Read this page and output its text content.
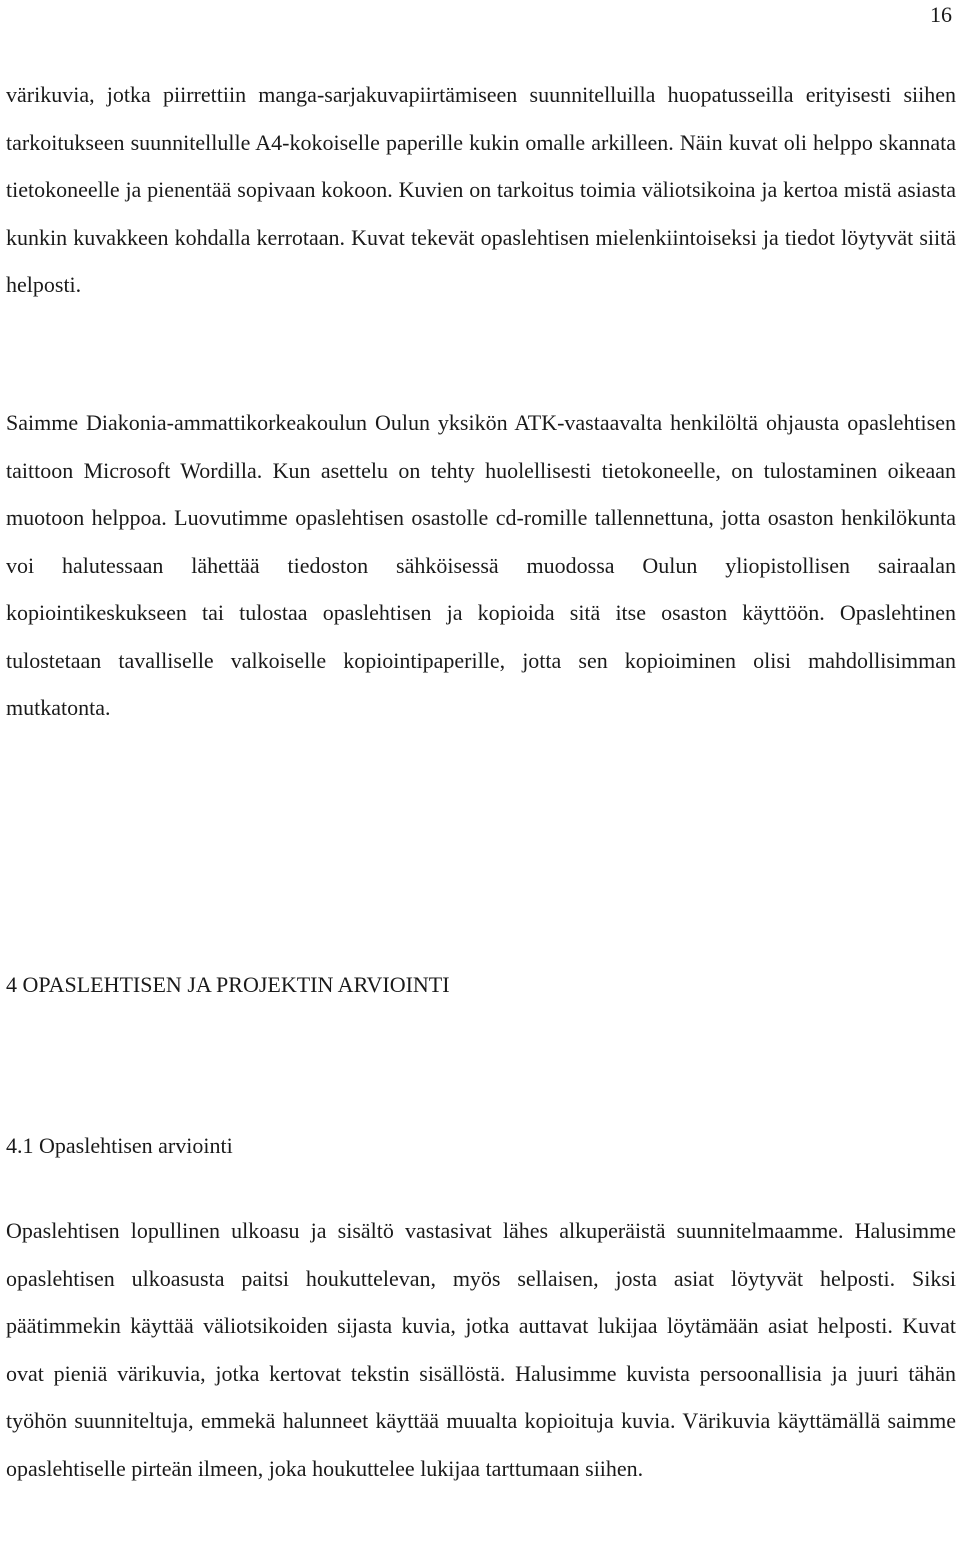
16

värikuvia, jotka piirrettiin manga-sarjakuvapiirtämiseen suunnitelluilla huopatusseilla erityisesti siihen tarkoitukseen suunnitellulle A4-kokoiselle paperille kukin omalle arkilleen. Näin kuvat oli helppo skannata tietokoneelle ja pienentää sopivaan kokoon. Kuvien on tarkoitus toimia väliotsikoina ja kertoa mistä asiasta kunkin kuvakkeen kohdalla kerrotaan. Kuvat tekevät opaslehtisen mielenkiintoiseksi ja tiedot löytyvät siitä helposti.

Saimme Diakonia-ammattikorkeakoulun Oulun yksikön ATK-vastaavalta henkilöltä ohjausta opaslehtisen taittoon Microsoft Wordilla. Kun asettelu on tehty huolellisesti tietokoneelle, on tulostaminen oikeaan muotoon helppoa. Luovutimme opaslehtisen osastolle cd-romille tallennettuna, jotta osaston henkilökunta voi halutessaan lähettää tiedoston sähköisessä muodossa Oulun yliopistollisen sairaalan kopiointikeskukseen tai tulostaa opaslehtisen ja kopioida sitä itse osaston käyttöön. Opaslehtinen tulostetaan tavalliselle valkoiselle kopiointipaperille, jotta sen kopioiminen olisi mahdollisimman mutkatonta.

4 OPASLEHTISEN JA PROJEKTIN ARVIOINTI
4.1 Opaslehtisen arviointi

Opaslehtisen lopullinen ulkoasu ja sisältö vastasivat lähes alkuperäistä suunnitelmaamme. Halusimme opaslehtisen ulkoasusta paitsi houkuttelevan, myös sellaisen, josta asiat löytyvät helposti. Siksi päätimmekin käyttää väliotsikoiden sijasta kuvia, jotka auttavat lukijaa löytämään asiat helposti. Kuvat ovat pieniä värikuvia, jotka kertovat tekstin sisällöstä. Halusimme kuvista persoonallisia ja juuri tähän työhön suunniteltuja, emmekä halunneet käyttää muualta kopioituja kuvia. Värikuvia käyttämällä saimme opaslehtiselle pirteän ilmeen, joka houkuttelee lukijaa tarttumaan siihen.
